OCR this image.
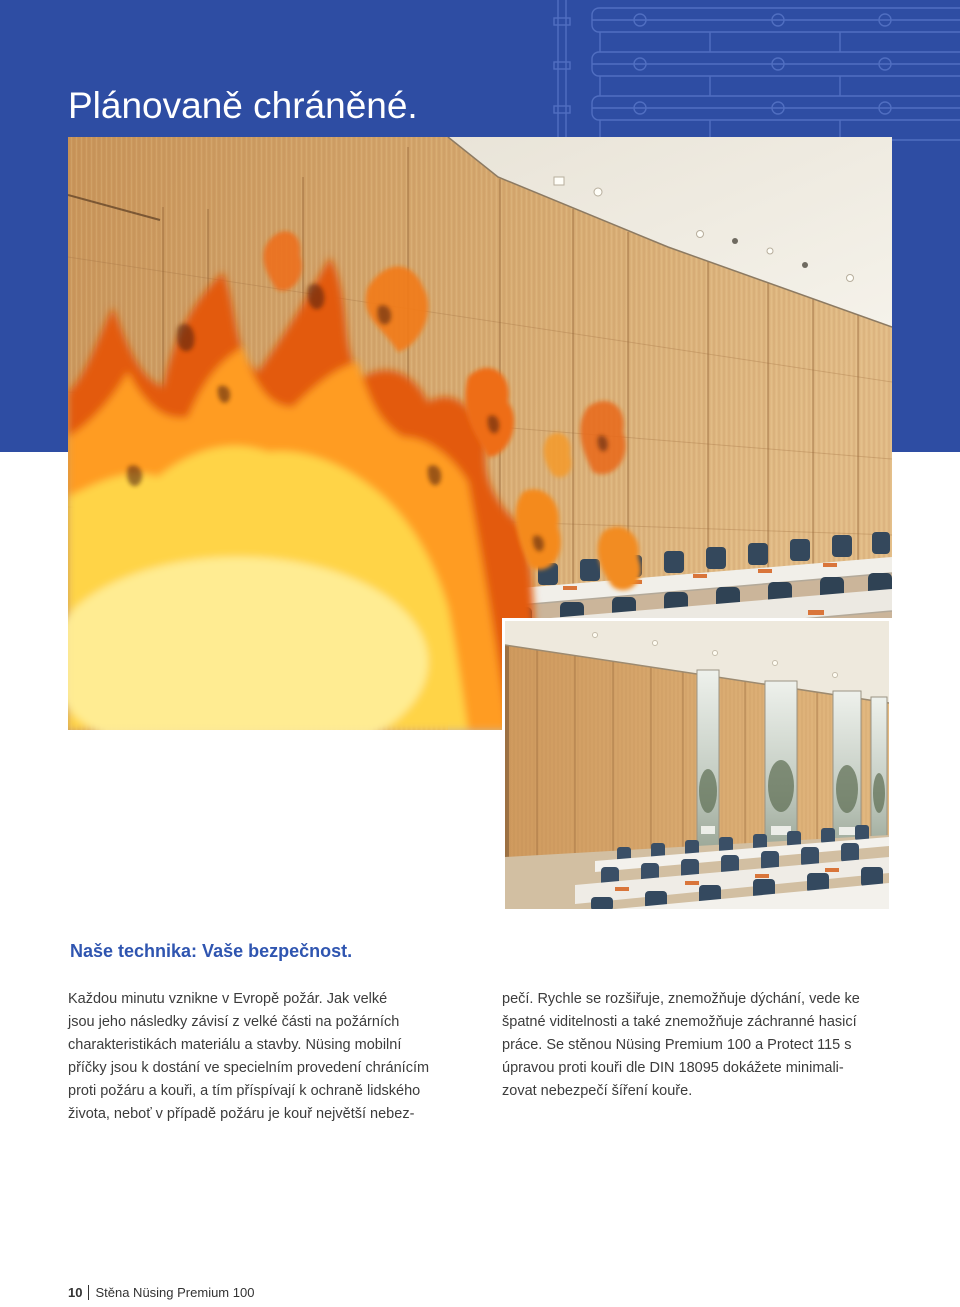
Plánovaně chráněné.
Naše technika: Vaše bezpečnost.
Každou minutu vznikne v Evropě požár. Jak velké
jsou jeho následky závisí z velké části na požárních
charakteristikách materiálu a stavby. Nüsing mobilní
příčky jsou k dostání ve specielním provedení chránícím
proti požáru a kouři, a tím příspívají k ochraně lidského
života, neboť v případě požáru je kouř největší nebez-
pečí. Rychle se rozšiřuje, znemožňuje dýchání, vede ke
špatné viditelnosti a také znemožňuje záchranné hasicí
práce. Se stěnou Nüsing Premium 100 a Protect 115 s
úpravou proti kouři dle DIN 18095 dokážete minimali-
zovat nebezpečí šíření kouře.
10 Stěna Nüsing Premium 100
